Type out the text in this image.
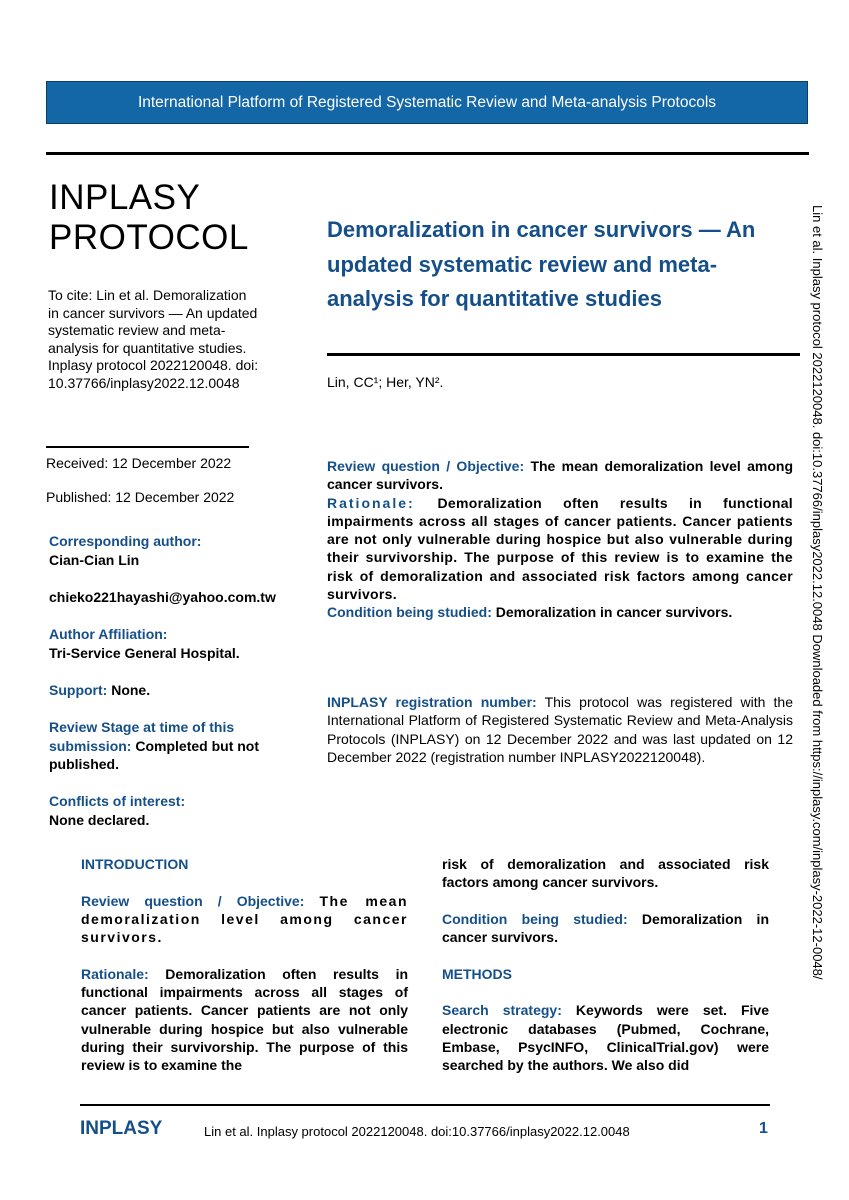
International Platform of Registered Systematic Review and Meta-analysis Protocols
INPLASY
PROTOCOL
To cite: Lin et al. Demoralization in cancer survivors — An updated systematic review and meta-analysis for quantitative studies. Inplasy protocol 2022120048. doi: 10.37766/inplasy2022.12.0048
Received: 12 December 2022
Published: 12 December 2022
Corresponding author:
Cian-Cian Lin
chieko221hayashi@yahoo.com.tw
Author Affiliation:
Tri-Service General Hospital.
Support: None.
Review Stage at time of this submission: Completed but not published.
Conflicts of interest:
None declared.
Demoralization in cancer survivors — An updated systematic review and meta-analysis for quantitative studies
Lin, CC¹; Her, YN².
Review question / Objective: The mean demoralization level among cancer survivors.
Rationale: Demoralization often results in functional impairments across all stages of cancer patients. Cancer patients are not only vulnerable during hospice but also vulnerable during their survivorship. The purpose of this review is to examine the risk of demoralization and associated risk factors among cancer survivors.
Condition being studied: Demoralization in cancer survivors.
INPLASY registration number: This protocol was registered with the International Platform of Registered Systematic Review and Meta-Analysis Protocols (INPLASY) on 12 December 2022 and was last updated on 12 December 2022 (registration number INPLASY2022120048).

INTRODUCTION

Review question / Objective: The mean demoralization level among cancer survivors.

Rationale: Demoralization often results in functional impairments across all stages of cancer patients. Cancer patients are not only vulnerable during hospice but also vulnerable during their survivorship. The purpose of this review is to examine the

risk of demoralization and associated risk factors among cancer survivors.

Condition being studied: Demoralization in cancer survivors.

METHODS

Search strategy: Keywords were set. Five electronic databases (Pubmed, Cochrane, Embase, PsycINFO, ClinicalTrial.gov) were searched by the authors. We also did

Lin et al. Inplasy protocol 2022120048. doi:10.37766/inplasy2022.12.0048 Downloaded from https://inplasy.com/inplasy-2022-12-0048/
INPLASY	Lin et al. Inplasy protocol 2022120048. doi:10.37766/inplasy2022.12.0048	1
